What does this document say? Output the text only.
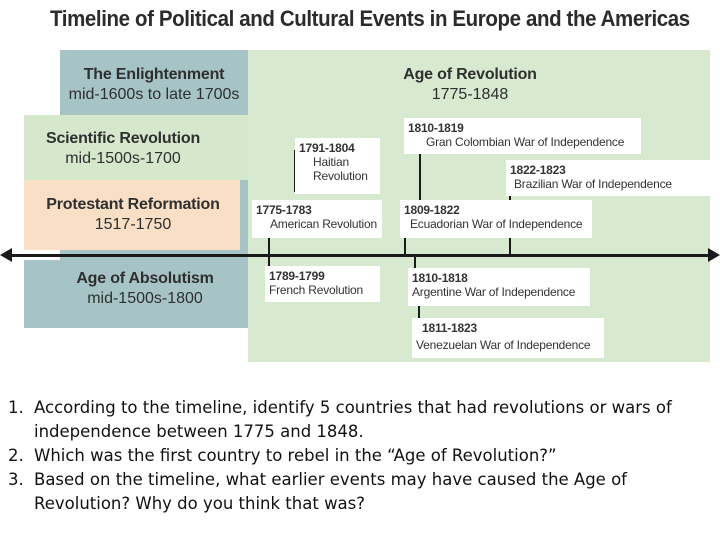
Timeline of Political and Cultural Events in Europe and the Americas
The Enlightenment
mid-1600s to late 1700s
Scientific Revolution
mid-1500s-1700
Protestant Reformation
1517-1750
Age of Absolutism
mid-1500s-1800
Age of Revolution
1775-1848
1791-1804
Haitian Revolution
1810-1819
Gran Colombian War of Independence
1822-1823
Brazilian War of Independence
1775-1783
American Revolution
1809-1822
Ecuadorian War of Independence
1789-1799
French Revolution
1810-1818
Argentine War of Independence
1811-1823
Venezuelan War of Independence
1. According to the timeline, identify 5 countries that had revolutions or wars of independence between 1775 and 1848.
2. Which was the first country to rebel in the “Age of Revolution?”
3. Based on the timeline, what earlier events may have caused the Age of Revolution? Why do you think that was?
